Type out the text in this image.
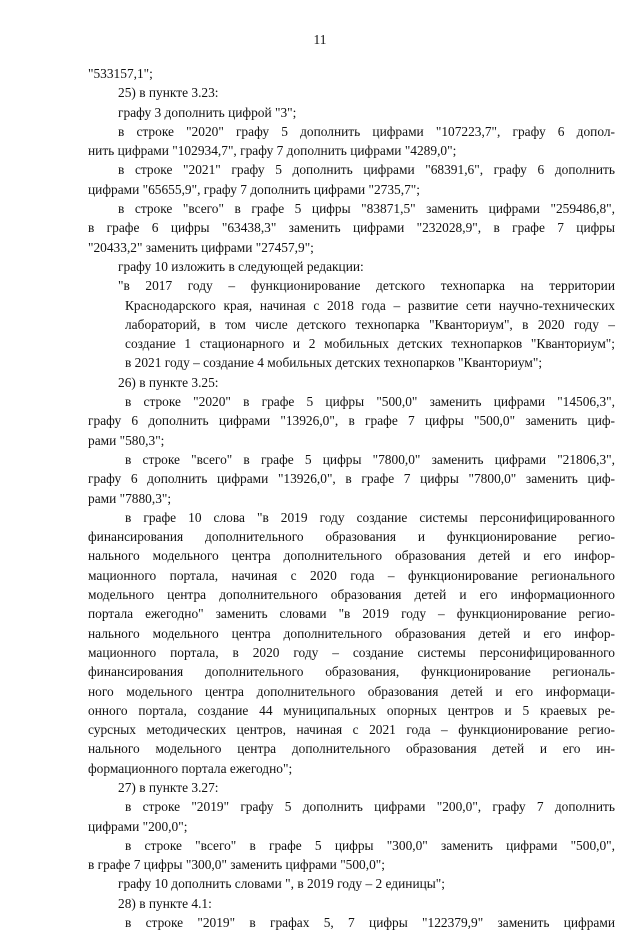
11
"533157,1";
25) в пункте 3.23:
графу 3 дополнить цифрой "3";
в строке "2020" графу 5 дополнить цифрами "107223,7", графу 6 допол-
нить цифрами "102934,7", графу 7 дополнить цифрами "4289,0";
в строке "2021" графу 5 дополнить цифрами "68391,6", графу 6 дополнить
цифрами "65655,9", графу 7 дополнить цифрами "2735,7";
в строке "всего" в графе 5 цифры "83871,5" заменить цифрами "259486,8",
в графе 6 цифры "63438,3" заменить цифрами "232028,9", в графе 7 цифры
"20433,2" заменить цифрами "27457,9";
графу 10 изложить в следующей редакции:
"в 2017 году – функционирование детского технопарка на территории
Краснодарского края, начиная с 2018 года – развитие сети научно-технических
лабораторий, в том числе детского технопарка "Кванториум", в 2020 году –
создание 1 стационарного и 2 мобильных детских технопарков "Кванториум";
в 2021 году – создание 4 мобильных детских технопарков "Кванториум";
26) в пункте 3.25:
в строке "2020" в графе 5 цифры "500,0" заменить цифрами "14506,3",
графу 6 дополнить цифрами "13926,0", в графе 7 цифры "500,0" заменить циф-
рами "580,3";
в строке "всего" в графе 5 цифры "7800,0" заменить цифрами "21806,3",
графу 6 дополнить цифрами "13926,0", в графе 7 цифры "7800,0" заменить циф-
рами "7880,3";
в графе 10 слова "в 2019 году создание системы персонифицированного
финансирования дополнительного образования и функционирование регио-
нального модельного центра дополнительного образования детей и его инфор-
мационного портала, начиная с 2020 года – функционирование регионального
модельного центра дополнительного образования детей и его информационного
портала ежегодно" заменить словами "в 2019 году – функционирование регио-
нального модельного центра дополнительного образования детей и его инфор-
мационного портала, в 2020 году – создание системы персонифицированного
финансирования дополнительного образования, функционирование региональ-
ного модельного центра дополнительного образования детей и его информаци-
онного портала, создание 44 муниципальных опорных центров и 5 краевых ре-
сурсных методических центров, начиная с 2021 года – функционирование регио-
нального модельного центра дополнительного образования детей и его ин-
формационного портала ежегодно";
27) в пункте 3.27:
в строке "2019" графу 5 дополнить цифрами "200,0", графу 7 дополнить
цифрами "200,0";
в строке "всего" в графе 5 цифры "300,0" заменить цифрами "500,0",
в графе 7 цифры "300,0" заменить цифрами "500,0";
графу 10 дополнить словами ", в 2019 году – 2 единицы";
28) в пункте 4.1:
в строке "2019" в графах 5, 7 цифры "122379,9" заменить цифрами
